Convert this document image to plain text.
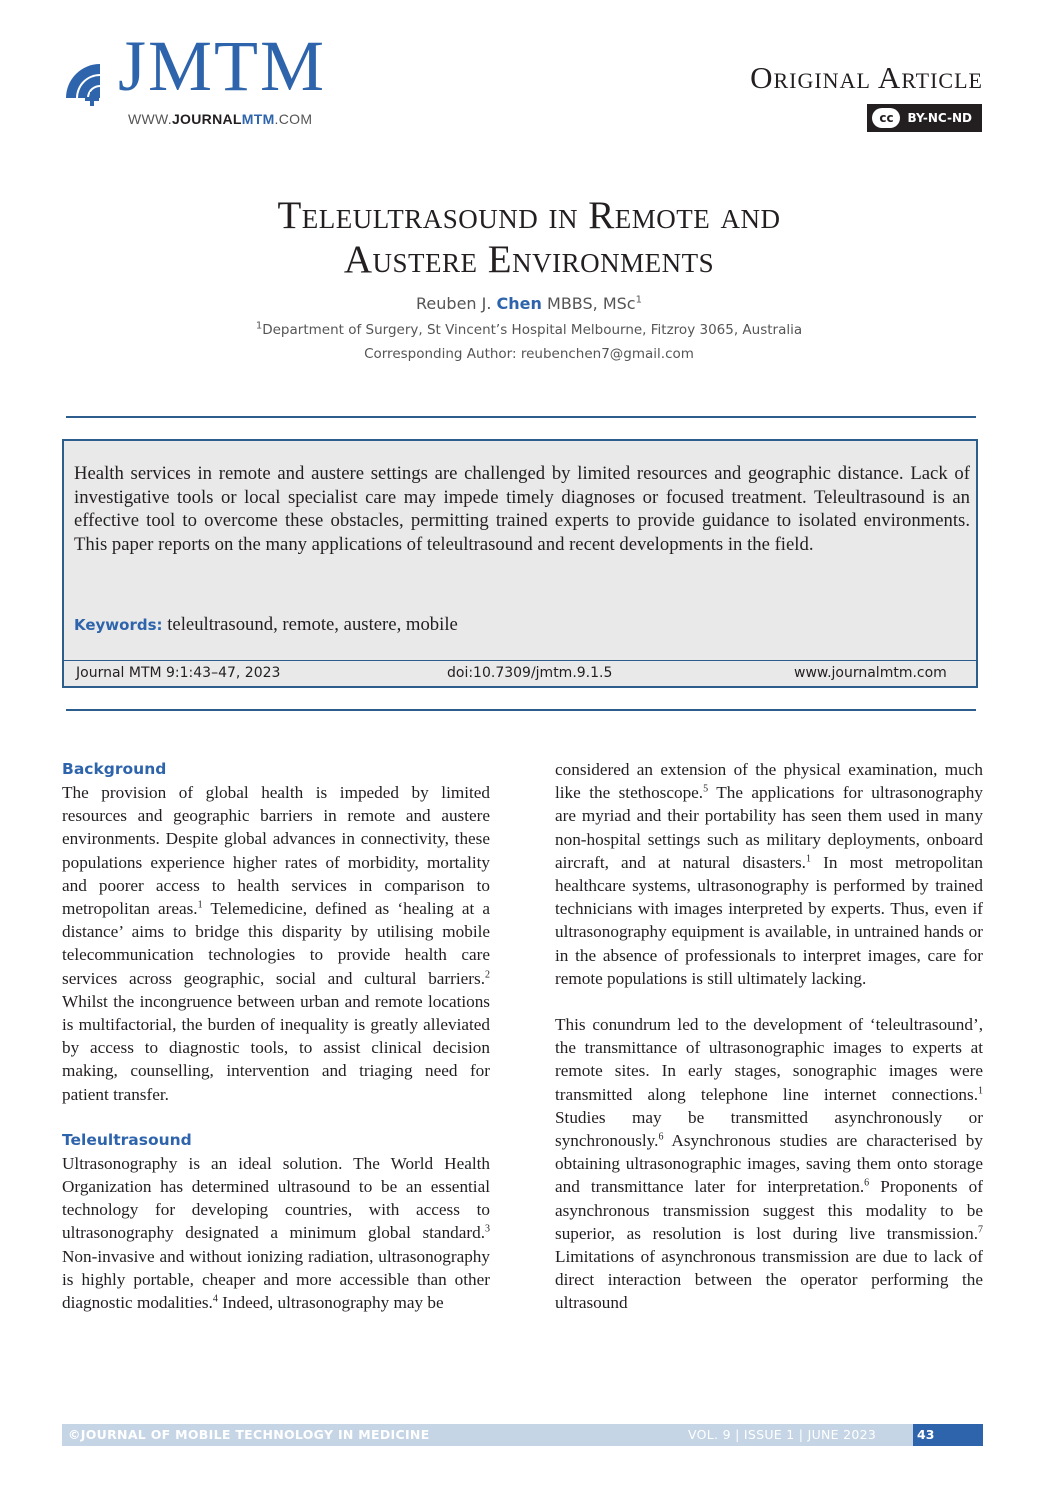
JMTM
WWW.JOURNALMTM.COM
Original Article
cc	BY-NC-ND
Teleultrasound in Remote and
Austere Environments
Reuben J. Chen MBBS, MSc$^1$
$^1$Department of Surgery, St Vincent’s Hospital Melbourne, Fitzroy 3065, Australia
Corresponding Author: reubenchen7@gmail.com
Health services in remote and austere settings are challenged by limited resources and geographic distance. Lack of investigative tools or local specialist care may impede timely diagnoses or focused treatment. Teleultrasound is an effective tool to overcome these obstacles, permitting trained experts to provide guidance to isolated environments. This paper reports on the many applications of teleultrasound and recent developments in the field.
Keywords: teleultrasound, remote, austere, mobile
Journal MTM 9:1:43–47, 2023	doi:10.7309/jmtm.9.1.5	www.journalmtm.com

Background

The provision of global health is impeded by limited resources and geographic barriers in remote and austere environments. Despite global advances in connectivity, these populations experience higher rates of morbidity, mortality and poorer access to health services in comparison to metropolitan areas.$^1$ Telemedicine, defined as ‘healing at a distance’ aims to bridge this disparity by utilising mobile telecommunication technologies to provide health care services across geographic, social and cultural barriers.$^2$ Whilst the incongruence between urban and remote locations is multifactorial, the burden of inequality is greatly alleviated by access to diagnostic tools, to assist clinical decision making, counselling, intervention and triaging need for patient transfer.

Teleultrasound

Ultrasonography is an ideal solution. The World Health Organization has determined ultrasound to be an essential technology for developing countries, with access to ultrasonography designated a minimum global standard.$^3$ Non-invasive and without ionizing radiation, ultrasonography is highly portable, cheaper and more accessible than other diagnostic modalities.$^4$ Indeed, ultrasonography may be

considered an extension of the physical examination, much like the stethoscope.$^5$ The applications for ultrasonography are myriad and their portability has seen them used in many non-hospital settings such as military deployments, onboard aircraft, and at natural disasters.$^1$ In most metropolitan healthcare systems, ultrasonography is performed by trained technicians with images interpreted by experts. Thus, even if ultrasonography equipment is available, in untrained hands or in the absence of professionals to interpret images, care for remote populations is still ultimately lacking.

This conundrum led to the development of ‘teleultrasound’, the transmittance of ultrasonographic images to experts at remote sites. In early stages, sonographic images were transmitted along telephone line internet connections.$^1$ Studies may be transmitted asynchronously or synchronously.$^6$ Asynchronous studies are characterised by obtaining ultrasonographic images, saving them onto storage and transmittance later for interpretation.$^6$ Proponents of asynchronous transmission suggest this modality to be superior, as resolution is lost during live transmission.$^7$ Limitations of asynchronous transmission are due to lack of direct interaction between the operator performing the ultrasound

©JOURNAL OF MOBILE TECHNOLOGY IN MEDICINE	VOL. 9 | ISSUE 1 | JUNE 2023	43
